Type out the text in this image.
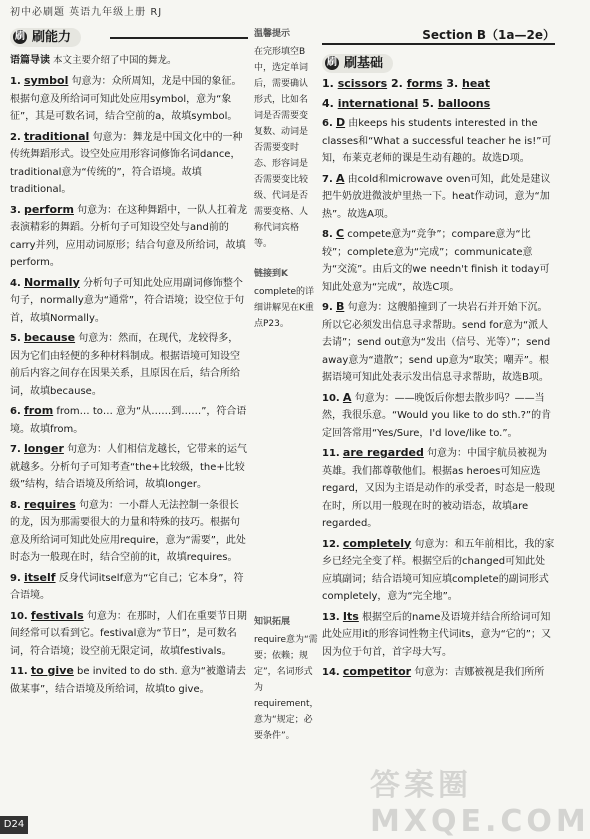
初中必刷题 英语九年级上册 RJ
刷 刷能力
语篇导读 本文主要介绍了中国的舞龙。
1. symbol 句意为：众所周知，龙是中国的象征。根据句意及所给词可知此处应用symbol，意为“象征”，其是可数名词，结合空前的a，故填symbol。
2. traditional 句意为：舞龙是中国文化中的一种传统舞蹈形式。设空处应用形容词修饰名词dance，traditional意为“传统的”，符合语境。故填traditional。
3. perform 句意为：在这种舞蹈中，一队人扛着龙表演精彩的舞蹈。分析句子可知设空处与and前的carry并列，应用动词原形；结合句意及所给词，故填perform。
4. Normally 分析句子可知此处应用副词修饰整个句子，normally意为“通常”，符合语境；设空位于句首，故填Normally。
5. because 句意为：然而，在现代，龙较得多，因为它们由轻便的多种材料制成。根据语境可知设空前后内容之间存在因果关系，且原因在后，结合所给词，故填because。
6. from from… to… 意为“从……到……”，符合语境。故填from。
7. longer 句意为：人们相信龙越长，它带来的运气就越多。分析句子可知考查“the+比较级，the+比较级”结构，结合语境及所给词，故填longer。
8. requires 句意为：一小群人无法控制一条很长的龙，因为那需要很大的力量和特殊的技巧。根据句意及所给词可知此处应用require，意为“需要”，此处时态为一般现在时，结合空前的it，故填requires。
9. itself 反身代词itself意为“它自己；它本身”，符合语境。
10. festivals 句意为：在那时，人们在重要节日期间经常可以看到它。festival意为“节日”，是可数名词，符合语境；设空前无限定词，故填festivals。
11. to give be invited to do sth. 意为“被邀请去做某事”，结合语境及所给词，故填to give。
温馨提示
在完形填空B中，选定单词后，需要确认形式，比如名词是否需要变复数、动词是否需要变时态、形容词是否需要变比较级、代词是否需要变格、人称代词宾格等。
链接到K
complete的详细讲解见在K重点P23。
知识拓展
require意为“需要；依赖；规定”，名词形式为requirement，意为“规定；必要条件”。
Section B（1a—2e）
刷 刷基础
1. scissors 2. forms 3. heat
4. international 5. balloons
6. D 由keeps his students interested in the classes和“What a successful teacher he is!”可知，布莱克老师的课是生动有趣的。故选D项。
7. A 由cold和microwave oven可知，此处是建议把牛奶放进微波炉里热一下。heat作动词，意为“加热”。故选A项。
8. C compete意为“竞争”；compare意为“比较”；complete意为“完成”；communicate意为“交流”。由后文的we needn't finish it today可知此处意为“完成”，故选C项。
9. B 句意为：这艘船撞到了一块岩石并开始下沉。所以它必须发出信息寻求帮助。send for意为“派人去请”；send out意为“发出（信号、光等）”；send away意为“遣散”；send up意为“取笑；嘲弄”。根据语境可知此处表示发出信息寻求帮助，故选B项。
10. A 句意为：——晚饭后你想去散步吗？——当然，我很乐意。“Would you like to do sth.?”的肯定回答常用“Yes/Sure，I'd love/like to.”。
11. are regarded 句意为：中国宇航员被视为英雄。我们都尊敬他们。根据as heroes可知应选regard，又因为主语是动作的承受者，时态是一般现在时，所以用一般现在时的被动语态，故填are regarded。
12. completely 句意为：和五年前相比，我的家乡已经完全变了样。根据空后的changed可知此处应填副词；结合语境可知应填complete的副词形式completely，意为“完全地”。
13. Its 根据空后的name及语境并结合所给词可知此处应用it的形容词性物主代词its，意为“它的”；又因为位于句首，首字母大写。
14. competitor 句意为：吉娜被视是我们所所
D24
答案圈 MXQE.COM
